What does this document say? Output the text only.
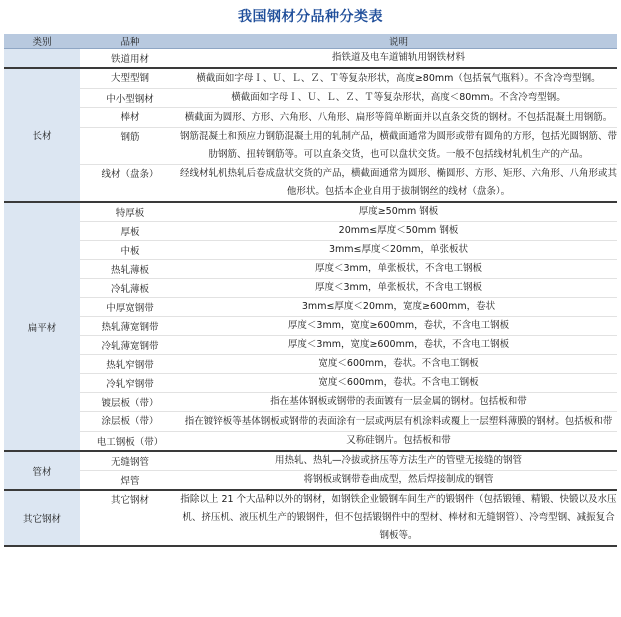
我国钢材分品种分类表
类别	品种	说明
	铁道用材	指铁道及电车道铺轨用钢铁材料
长材	大型型钢	横截面如字母Ｉ、Ｕ、Ｌ、Ｚ、Ｔ等复杂形状，高度≥80mm（包括氧气瓶料）。不含冷弯型钢。
	中小型钢材	横截面如字母Ｉ、Ｕ、Ｌ、Ｚ、Ｔ等复杂形状，高度＜80mm。不含冷弯型钢。
	棒材	横截面为圆形、方形、六角形、八角形、扁形等简单断面并以直条交货的钢材。不包括混凝土用钢筋。
	钢筋	钢筋混凝土和预应力钢筋混凝土用的轧制产品，横截面通常为圆形或带有圆角的方形，包括光圆钢筋、带肋钢筋、扭转钢筋等。可以直条交货，也可以盘状交货。一般不包括线材轧机生产的产品。
	线材（盘条）	经线材轧机热轧后卷成盘状交货的产品，横截面通常为圆形、椭圆形、方形、矩形、六角形、八角形或其他形状。包括本企业自用于拔制钢丝的线材（盘条）。
扁平材	特厚板	厚度≥50mm 钢板
	厚板	20mm≤厚度＜50mm 钢板
	中板	3mm≤厚度＜20mm，单张板状
	热轧薄板	厚度＜3mm，单张板状，不含电工钢板
	冷轧薄板	厚度＜3mm，单张板状，不含电工钢板
	中厚宽钢带	3mm≤厚度＜20mm，宽度≥600mm，卷状
	热轧薄宽钢带	厚度＜3mm，宽度≥600mm，卷状，不含电工钢板
	冷轧薄宽钢带	厚度＜3mm，宽度≥600mm，卷状，不含电工钢板
	热轧窄钢带	宽度＜600mm，卷状。不含电工钢板
	冷轧窄钢带	宽度＜600mm，卷状。不含电工钢板
	镀层板（带）	指在基体钢板或钢带的表面镀有一层金属的钢材。包括板和带
	涂层板（带）	指在镀锌板等基体钢板或钢带的表面涂有一层或两层有机涂料或覆上一层塑料薄膜的钢材。包括板和带
	电工钢板（带）	又称硅钢片。包括板和带
管材	无缝钢管	用热轧、热轧—冷拔或挤压等方法生产的管壁无接缝的钢管
	焊管	将钢板或钢带卷曲成型，然后焊接制成的钢管
其它钢材	其它钢材	指除以上 21 个大品种以外的钢材，如钢铁企业锻钢车间生产的锻钢件（包括锻锤、精锻、快锻以及水压机、挤压机、液压机生产的锻钢件，但不包括锻钢件中的型材、棒材和无缝钢管）、冷弯型钢、减振复合钢板等。
